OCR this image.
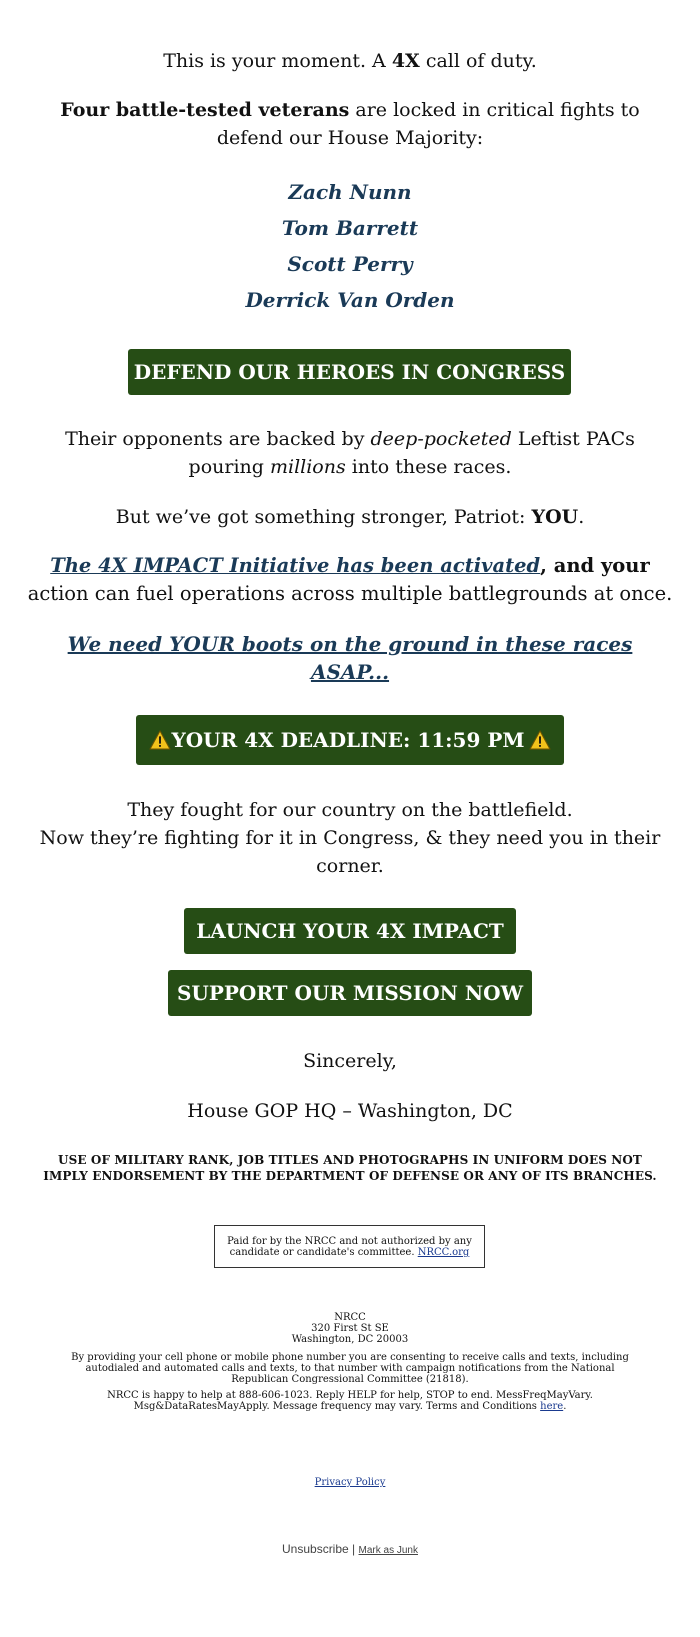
This is your moment. A 4X call of duty.
Four battle-tested veterans are locked in critical fights to
defend our House Majority:
Zach Nunn
Tom Barrett
Scott Perry
Derrick Van Orden
DEFEND OUR HEROES IN CONGRESS
Their opponents are backed by deep-pocketed Leftist PACs
pouring millions into these races.
But we’ve got something stronger, Patriot: YOU.
The 4X IMPACT Initiative has been activated, and your
action can fuel operations across multiple battlegrounds at once.
We need YOUR boots on the ground in these races
ASAP...
YOUR 4X DEADLINE: 11:59 PM
They fought for our country on the battlefield.
Now they’re fighting for it in Congress, & they need you in their
corner.
LAUNCH YOUR 4X IMPACT
SUPPORT OUR MISSION NOW
Sincerely,
House GOP HQ – Washington, DC
USE OF MILITARY RANK, JOB TITLES AND PHOTOGRAPHS IN UNIFORM DOES NOT
IMPLY ENDORSEMENT BY THE DEPARTMENT OF DEFENSE OR ANY OF ITS BRANCHES.
Paid for by the NRCC and not authorized by any
candidate or candidate's committee. NRCC.org
NRCC
320 First St SE
Washington, DC 20003
By providing your cell phone or mobile phone number you are consenting to receive calls and texts, including
autodialed and automated calls and texts, to that number with campaign notifications from the National
Republican Congressional Committee (21818).
NRCC is happy to help at 888-606-1023. Reply HELP for help, STOP to end. MessFreqMayVary.
Msg&DataRatesMayApply. Message frequency may vary. Terms and Conditions here.
Privacy Policy
Unsubscribe | Mark as Junk
